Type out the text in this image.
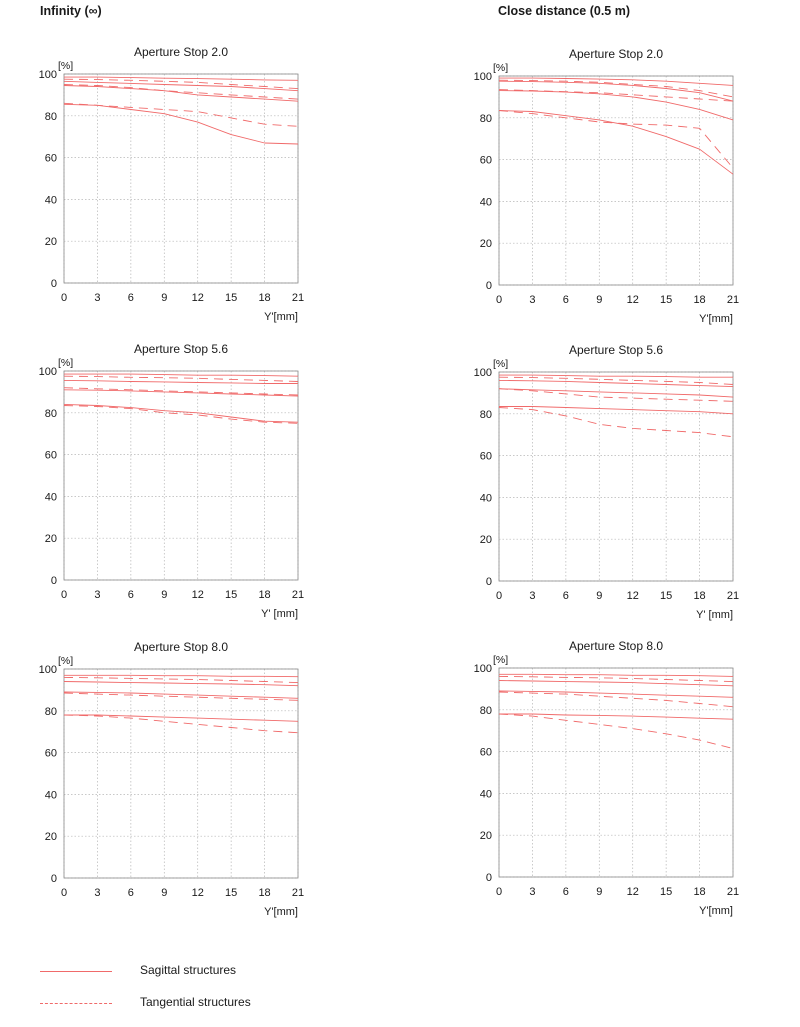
Infinity (∞)	Close distance (0.5 m)
Aperture Stop 2.0
[%]
0 3 6 9 12 15 18 21
0
20
40
60
80
100
Y'[mm]
Aperture Stop 5.6
[%]
0 3 6 9 12 15 18 21
0
20
40
60
80
100
Y' [mm]
Aperture Stop 8.0
[%]
0 3 6 9 12 15 18 21
0
20
40
60
80
100
Y'[mm]
Aperture Stop 2.0
[%]
0 3 6 9 12 15 18 21
0
20
40
60
80
100
Y'[mm]
Aperture Stop 5.6
[%]
0 3 6 9 12 15 18 21
0
20
40
60
80
100
Y' [mm]
Aperture Stop 8.0
[%]
0 3 6 9 12 15 18 21
0
20
40
60
80
100
Y'[mm]
Sagittal structures
Tangential structures
